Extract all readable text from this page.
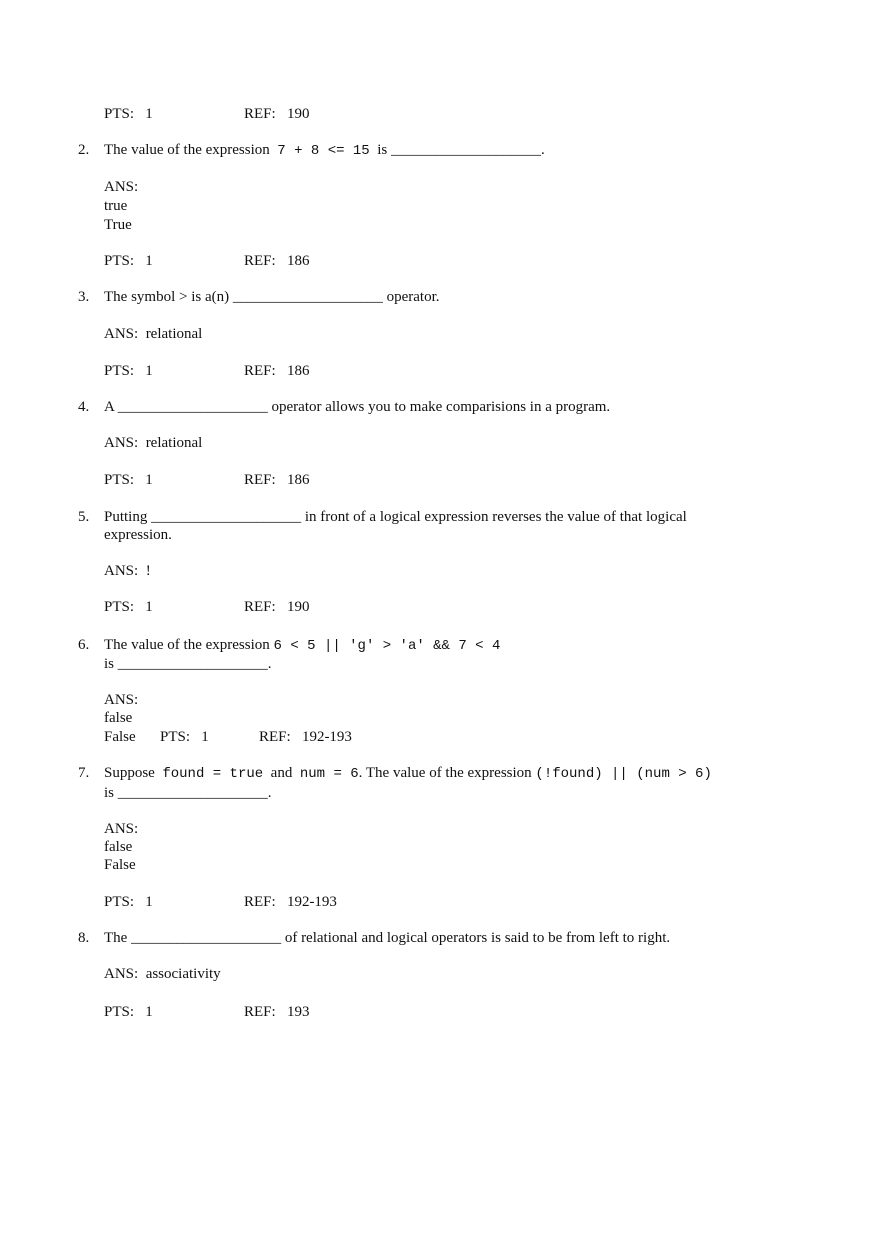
PTS: 1	REF: 190
2. The value of the expression 7 + 8 <= 15 is ____________________.
ANS:
true
True
PTS: 1	REF: 186
3. The symbol > is a(n) ____________________ operator.
ANS: relational
PTS: 1	REF: 186
4. A ____________________ operator allows you to make comparisions in a program.
ANS: relational
PTS: 1	REF: 186
5. Putting ____________________ in front of a logical expression reverses the value of that logical
expression.
ANS: !
PTS: 1	REF: 190
6. The value of the expression 6 < 5 || 'g' > 'a' && 7 < 4
is ____________________.
ANS:
false
False PTS: 1	REF: 192-193
7. Suppose found = true and num = 6. The value of the expression (!found) || (num > 6)
is ____________________.
ANS:
false
False
PTS: 1	REF: 192-193
8. The ____________________ of relational and logical operators is said to be from left to right.
ANS: associativity
PTS: 1	REF: 193
